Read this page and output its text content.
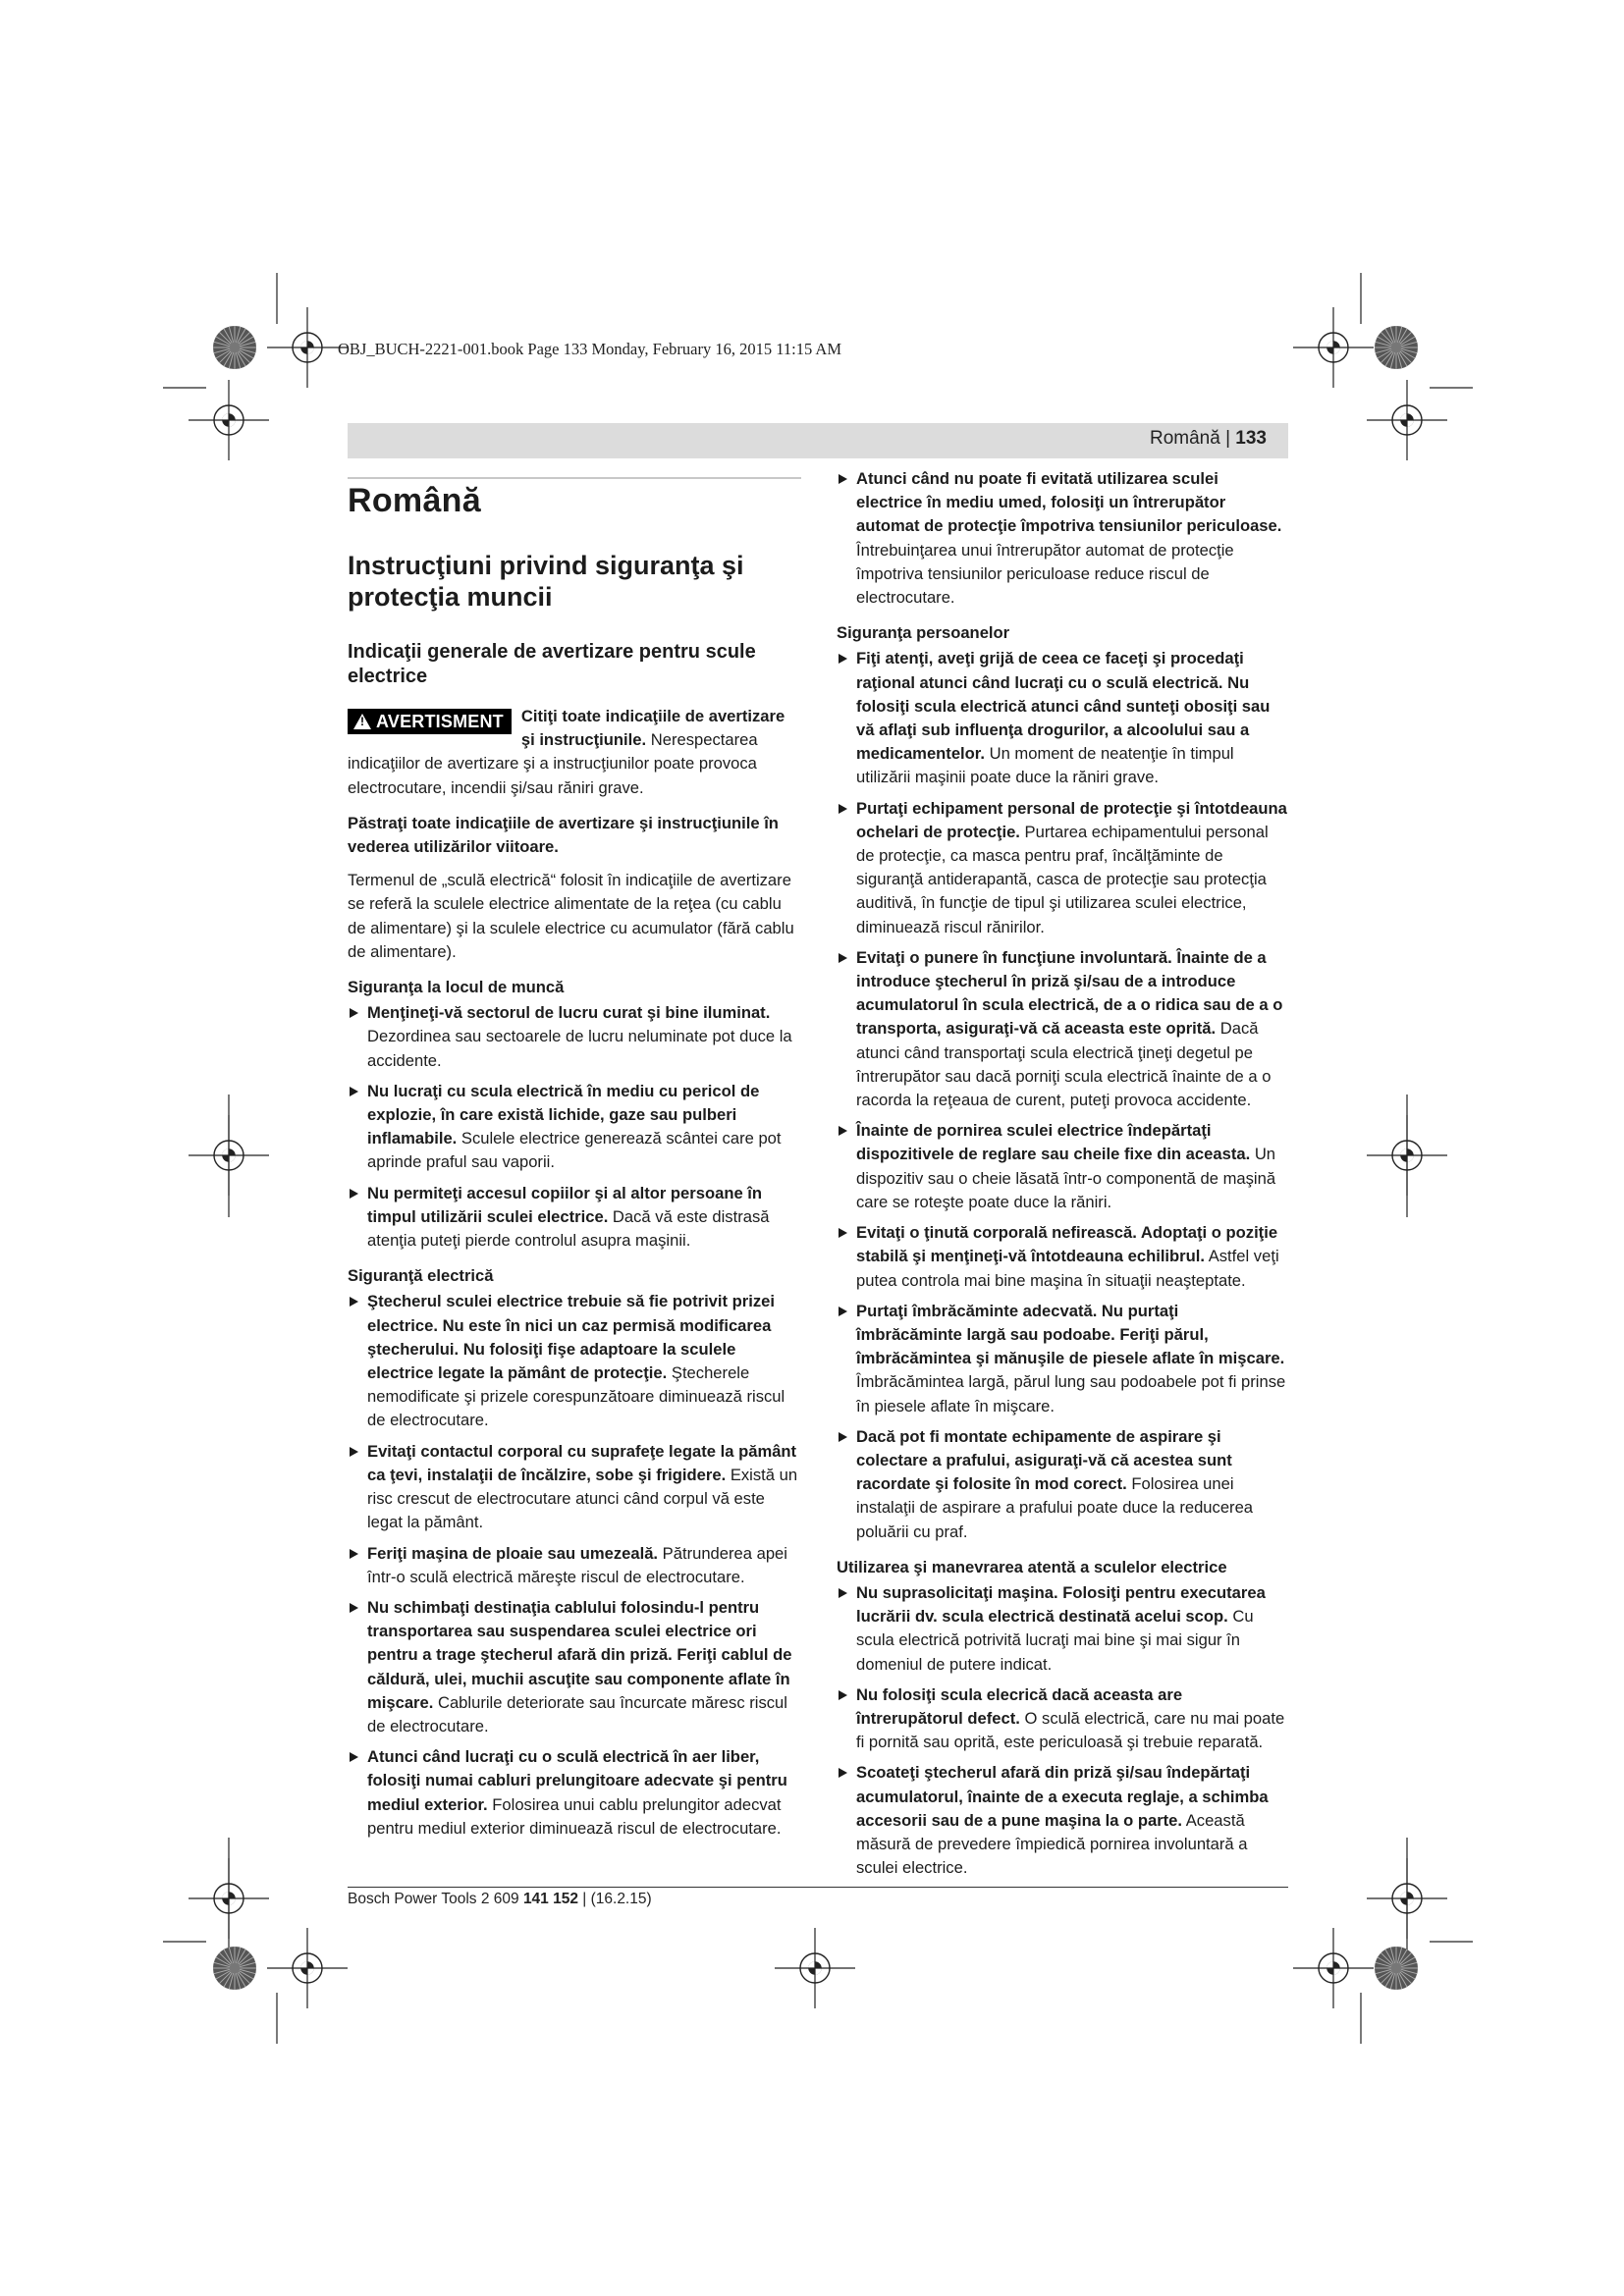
OBJ_BUCH-2221-001.book Page 133 Monday, February 16, 2015 11:15 AM
Română | 133
Română
Instrucţiuni privind siguranţa şi protecţia muncii
Indicaţii generale de avertizare pentru scule electrice
!AVERTISMENT	Citiţi toate indicaţiile de avertizare şi instrucţiunile. Nerespectarea indicaţiilor de avertizare şi a instrucţiunilor poate provoca electrocutare, incendii şi/sau răniri grave.

Păstraţi toate indicaţiile de avertizare şi instrucţiunile în vederea utilizărilor viitoare.

Termenul de „sculă electrică“ folosit în indicaţiile de avertizare se referă la sculele electrice alimentate de la reţea (cu cablu de alimentare) şi la sculele electrice cu acumulator (fără cablu de alimentare).

Siguranţa la locul de muncă
Menţineţi-vă sectorul de lucru curat şi bine iluminat. Dezordinea sau sectoarele de lucru neluminate pot duce la accidente.
Nu lucraţi cu scula electrică în mediu cu pericol de explozie, în care există lichide, gaze sau pulberi inflamabile. Sculele electrice generează scântei care pot aprinde praful sau vaporii.
Nu permiteţi accesul copiilor şi al altor persoane în timpul utilizării sculei electrice. Dacă vă este distrasă atenţia puteţi pierde controlul asupra maşinii.
Siguranţă electrică
Ştecherul sculei electrice trebuie să fie potrivit prizei electrice. Nu este în nici un caz permisă modificarea ştecherului. Nu folosiţi fişe adaptoare la sculele electrice legate la pământ de protecţie. Ştecherele nemodificate şi prizele corespunzătoare diminuează riscul de electrocutare.
Evitaţi contactul corporal cu suprafeţe legate la pământ ca ţevi, instalaţii de încălzire, sobe şi frigidere. Există un risc crescut de electrocutare atunci când corpul vă este legat la pământ.
Feriţi maşina de ploaie sau umezeală. Pătrunderea apei într-o sculă electrică măreşte riscul de electrocutare.
Nu schimbaţi destinaţia cablului folosindu-l pentru transportarea sau suspendarea sculei electrice ori pentru a trage ştecherul afară din priză. Feriţi cablul de căldură, ulei, muchii ascuţite sau componente aflate în mişcare. Cablurile deteriorate sau încurcate măresc riscul de electrocutare.
Atunci când lucraţi cu o sculă electrică în aer liber, folosiţi numai cabluri prelungitoare adecvate şi pentru mediul exterior. Folosirea unui cablu prelungitor adecvat pentru mediul exterior diminuează riscul de electrocutare.
Atunci când nu poate fi evitată utilizarea sculei electrice în mediu umed, folosiţi un întrerupător automat de protecţie împotriva tensiunilor periculoase. Întrebuinţarea unui întrerupător automat de protecţie împotriva tensiunilor periculoase reduce riscul de electrocutare.
Siguranţa persoanelor
Fiţi atenţi, aveţi grijă de ceea ce faceţi şi procedaţi raţional atunci când lucraţi cu o sculă electrică. Nu folosiţi scula electrică atunci când sunteţi obosiţi sau vă aflaţi sub influenţa drogurilor, a alcoolului sau a medicamentelor. Un moment de neatenţie în timpul utilizării maşinii poate duce la răniri grave.
Purtaţi echipament personal de protecţie şi întotdeauna ochelari de protecţie. Purtarea echipamentului personal de protecţie, ca masca pentru praf, încălţăminte de siguranţă antiderapantă, casca de protecţie sau protecţia auditivă, în funcţie de tipul şi utilizarea sculei electrice, diminuează riscul rănirilor.
Evitaţi o punere în funcţiune involuntară. Înainte de a introduce ştecherul în priză şi/sau de a introduce acumulatorul în scula electrică, de a o ridica sau de a o transporta, asiguraţi-vă că aceasta este oprită. Dacă atunci când transportaţi scula electrică ţineţi degetul pe întrerupător sau dacă porniţi scula electrică înainte de a o racorda la reţeaua de curent, puteţi provoca accidente.
Înainte de pornirea sculei electrice îndepărtaţi dispozitivele de reglare sau cheile fixe din aceasta. Un dispozitiv sau o cheie lăsată într-o componentă de maşină care se roteşte poate duce la răniri.
Evitaţi o ţinută corporală nefirească. Adoptaţi o poziţie stabilă şi menţineţi-vă întotdeauna echilibrul. Astfel veţi putea controla mai bine maşina în situaţii neaşteptate.
Purtaţi îmbrăcăminte adecvată. Nu purtaţi îmbrăcăminte largă sau podoabe. Feriţi părul, îmbrăcămintea şi mănuşile de piesele aflate în mişcare. Îmbrăcămintea largă, părul lung sau podoabele pot fi prinse în piesele aflate în mişcare.
Dacă pot fi montate echipamente de aspirare şi colectare a prafului, asiguraţi-vă că acestea sunt racordate şi folosite în mod corect. Folosirea unei instalaţii de aspirare a prafului poate duce la reducerea poluării cu praf.
Utilizarea şi manevrarea atentă a sculelor electrice
Nu suprasolicitaţi maşina. Folosiţi pentru executarea lucrării dv. scula electrică destinată acelui scop. Cu scula electrică potrivită lucraţi mai bine şi mai sigur în domeniul de putere indicat.
Nu folosiţi scula elecrică dacă aceasta are întrerupătorul defect. O sculă electrică, care nu mai poate fi pornită sau oprită, este periculoasă şi trebuie reparată.
Scoateţi ştecherul afară din priză şi/sau îndepărtaţi acumulatorul, înainte de a executa reglaje, a schimba accesorii sau de a pune maşina la o parte. Această măsură de prevedere împiedică pornirea involuntară a sculei electrice.
Bosch Power Tools 2 609 141 152 | (16.2.15)
